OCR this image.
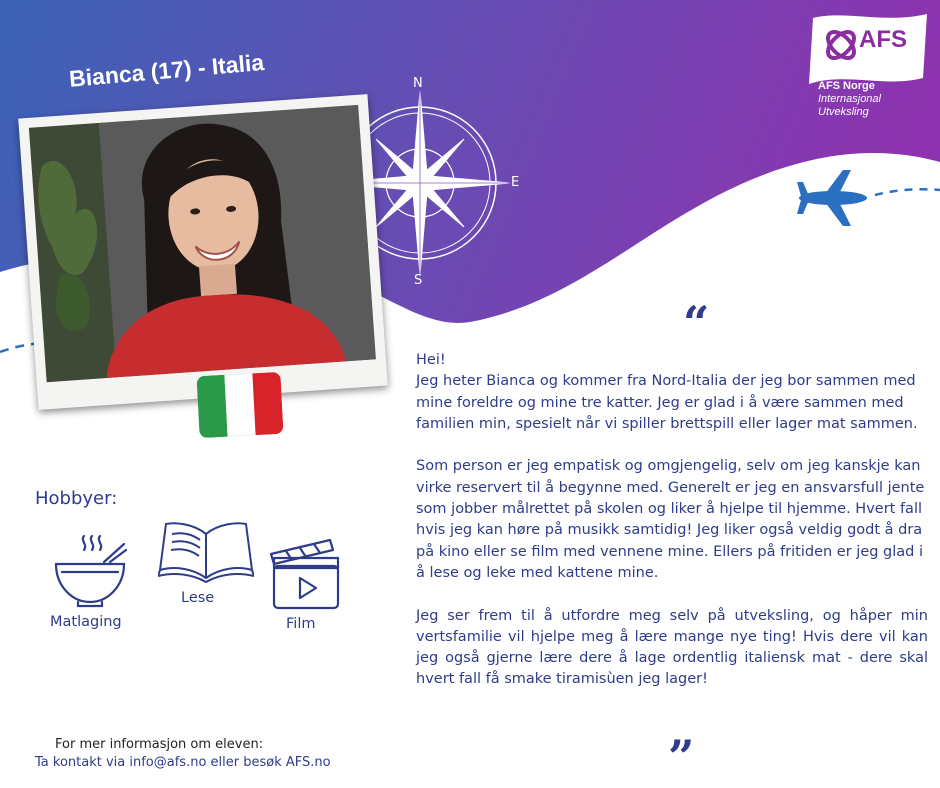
N
E
S
AFS
AFS Norge
Internasjonal
Utveksling
Bianca (17) - Italia
“
”

Hei!
Jeg heter Bianca og kommer fra Nord-Italia der jeg bor sammen med mine foreldre og mine tre katter. Jeg er glad i å være sammen med familien min, spesielt når vi spiller brettspill eller lager mat sammen.

Som person er jeg empatisk og omgjengelig, selv om jeg kanskje kan virke reservert til å begynne med. Generelt er jeg en ansvarsfull jente som jobber målrettet på skolen og liker å hjelpe til hjemme. Hvert fall hvis jeg kan høre på musikk samtidig! Jeg liker også veldig godt å dra på kino eller se film med vennene mine. Ellers på fritiden er jeg glad i å lese og leke med kattene mine.

Jeg ser frem til å utfordre meg selv på utveksling, og håper min vertsfamilie vil hjelpe meg å lære mange nye ting! Hvis dere vil kan jeg også gjerne lære dere å lage ordentlig italiensk mat - dere skal hvert fall få smake tiramisùen jeg lager!

Hobbyer:
Matlaging
Lese
Film
For mer informasjon om eleven:
Ta kontakt via info@afs.no eller besøk AFS.no
